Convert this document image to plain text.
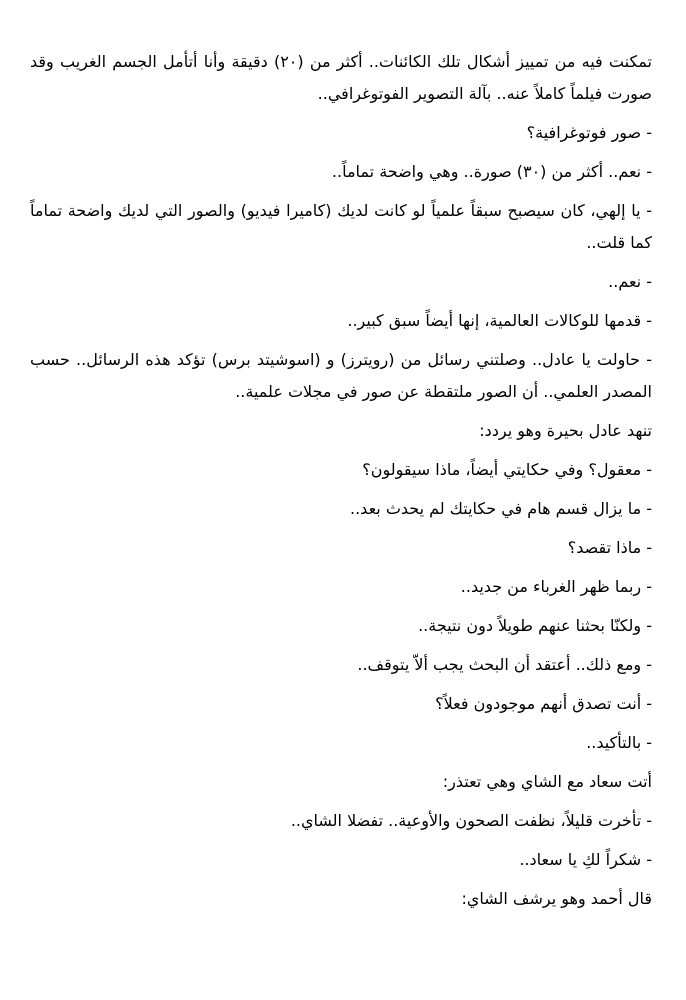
تمكنت فيه من تمييز أشكال تلك الكائنات.. أكثر من (٢٠) دقيقة وأنا أتأمل الجسم الغريب وقد صورت فيلماً كاملاً عنه.. بآلة التصوير الفوتوغرافي..

- صور فوتوغرافية؟

- نعم.. أكثر من (٣٠) صورة.. وهي واضحة تماماً..

- يا إلهي، كان سيصبح سبقاً علمياً لو كانت لديك (كاميرا فيديو) والصور التي لديك واضحة تماماً كما قلت..

- نعم..

- قدمها للوكالات العالمية، إنها أيضاً سبق كبير..

- حاولت يا عادل.. وصلتني رسائل من (رويترز) و (اسوشيتد برس) تؤكد هذه الرسائل.. حسب المصدر العلمي.. أن الصور ملتقطة عن صور في مجلات علمية..

تنهد عادل بحيرة وهو يردد:

- معقول؟ وفي حكايتي أيضاً، ماذا سيقولون؟

- ما يزال قسم هام في حكايتك لم يحدث بعد..

- ماذا تقصد؟

- ربما ظهر الغرباء من جديد..

- ولكنّا بحثنا عنهم طويلاً دون نتيجة..

- ومع ذلك.. أعتقد أن البحث يجب ألاّ يتوقف..

- أنت تصدق أنهم موجودون فعلاً؟

- بالتأكيد..

أتت سعاد مع الشاي وهي تعتذر:

- تأخرت قليلاً، نظفت الصحون والأوعية.. تفضلا الشاي..

- شكراً لكِ يا سعاد..

قال أحمد وهو يرشف الشاي:
